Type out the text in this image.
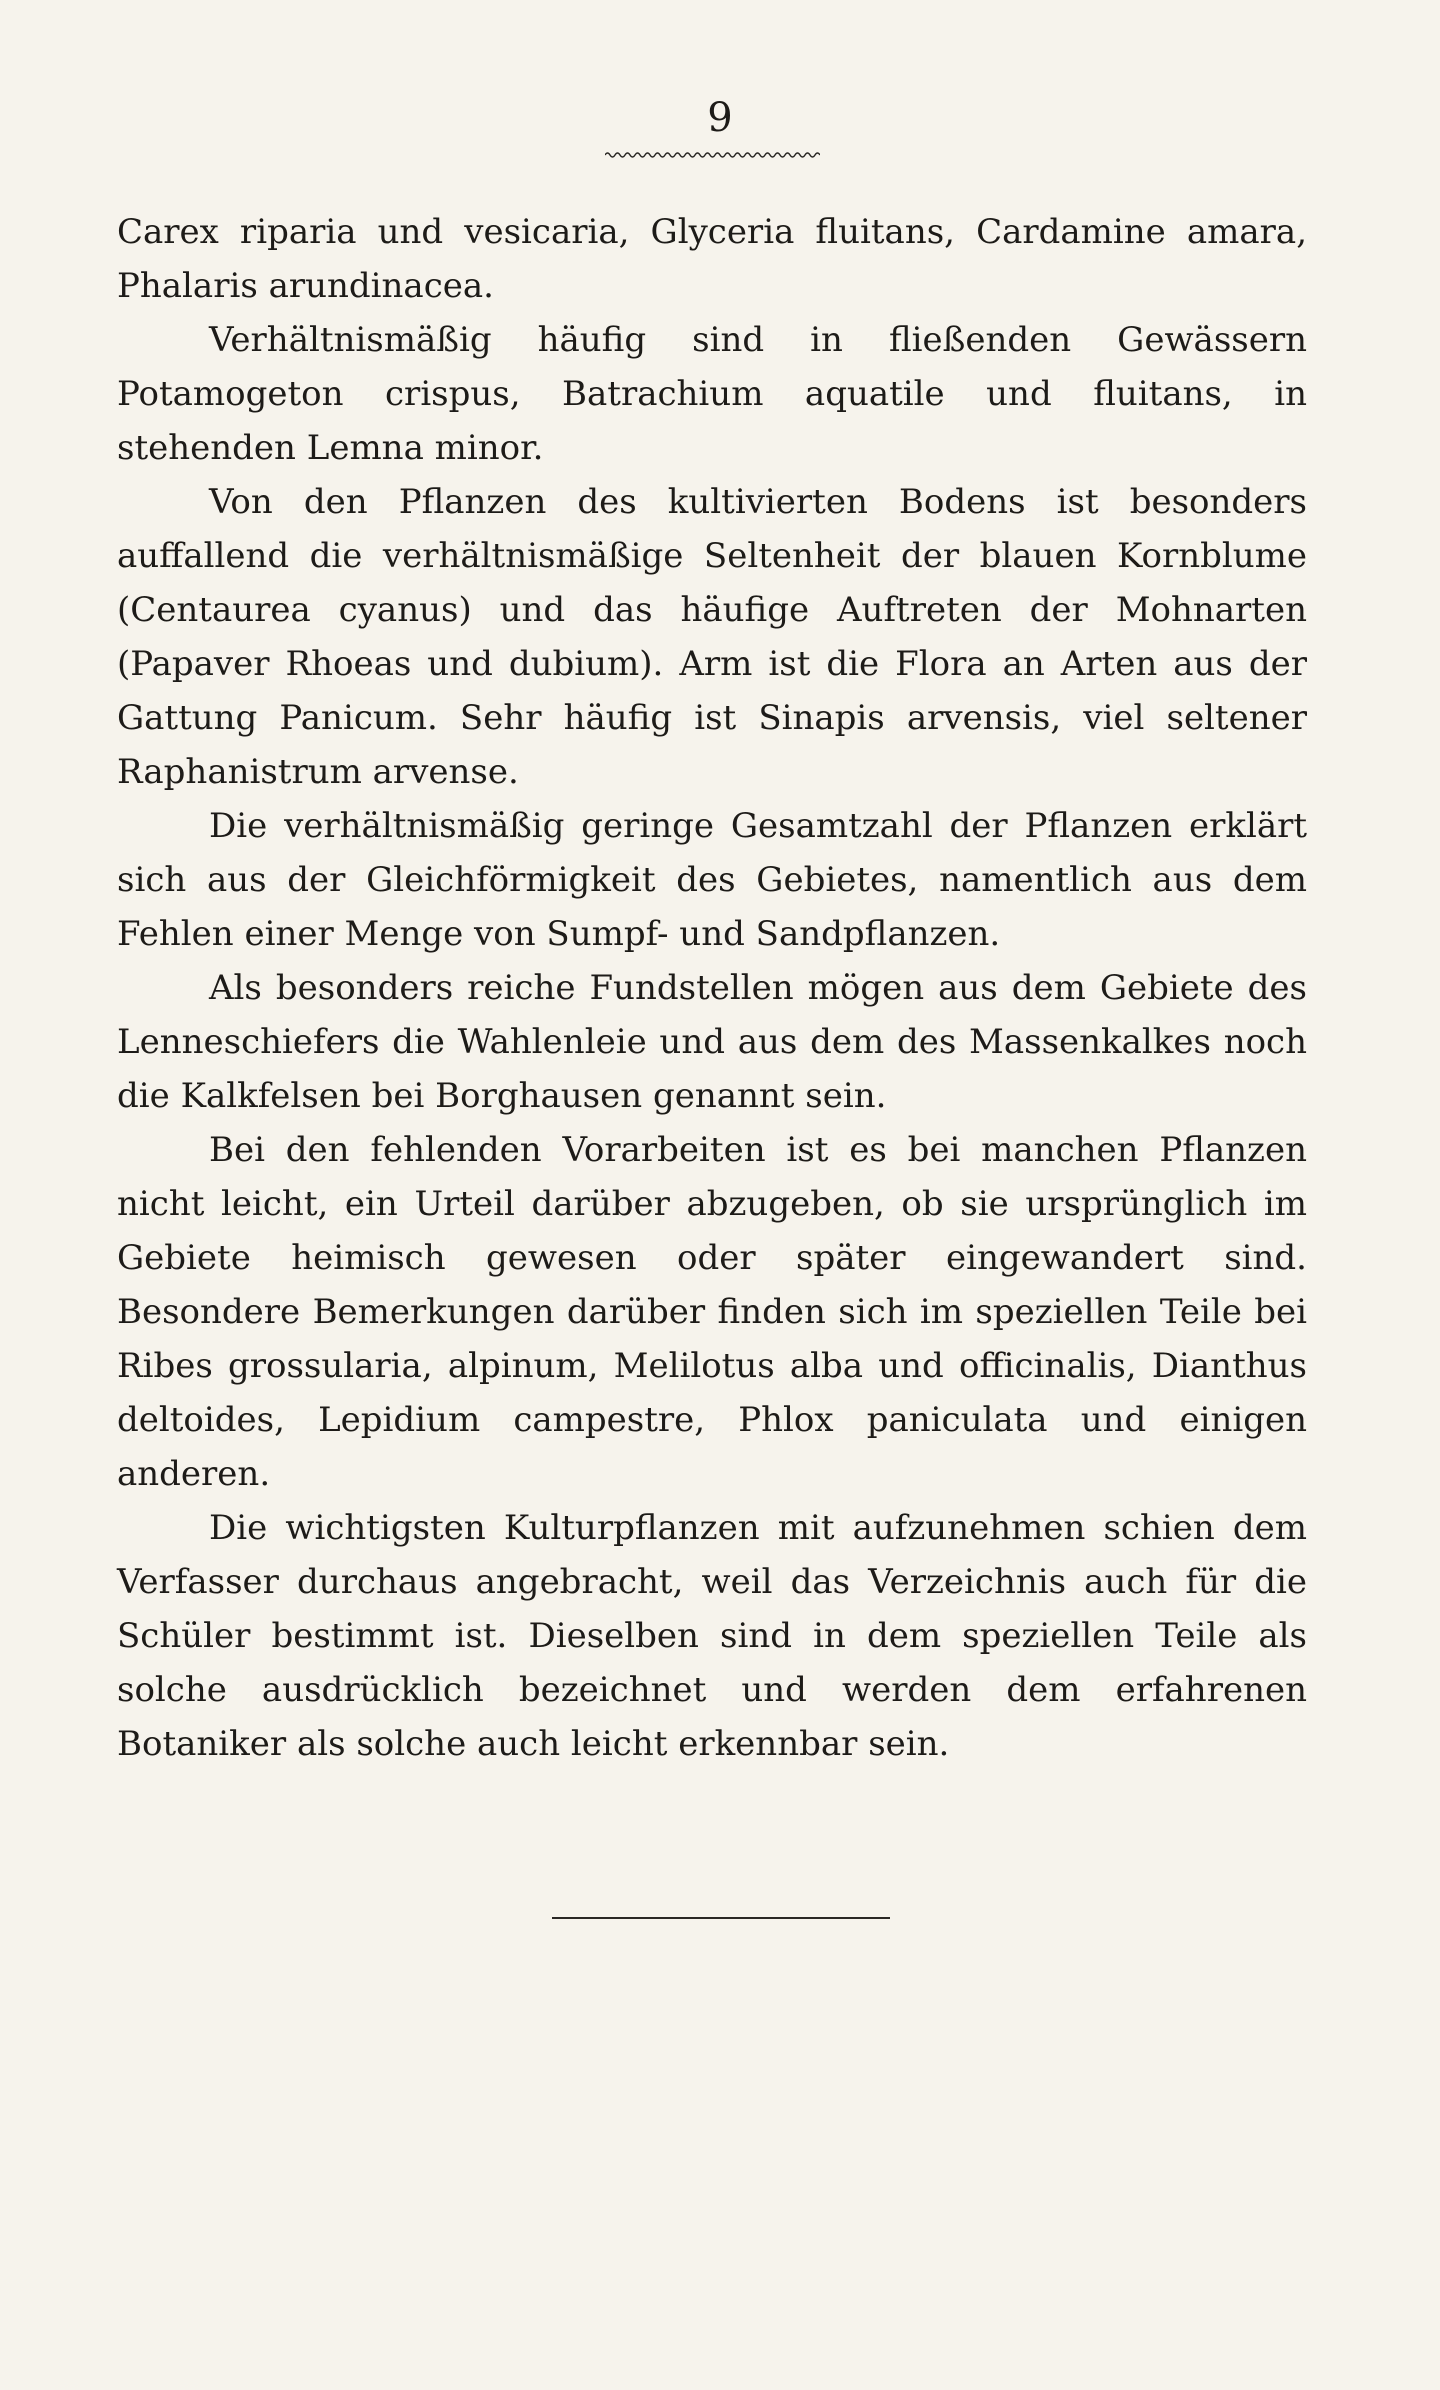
9

Carex riparia und vesicaria, Glyceria fluitans, Cardamine amara, Phalaris arundinacea.

Verhältnismäßig häufig sind in fließenden Gewässern Potamogeton crispus, Batrachium aquatile und fluitans, in stehenden Lemna minor.

Von den Pflanzen des kultivierten Bodens ist besonders auffallend die verhältnismäßige Seltenheit der blauen Kornblume (Centaurea cyanus) und das häufige Auftreten der Mohnarten (Papaver Rhoeas und dubium). Arm ist die Flora an Arten aus der Gattung Panicum. Sehr häufig ist Sinapis arvensis, viel seltener Raphanistrum arvense.

Die verhältnismäßig geringe Gesamtzahl der Pflanzen erklärt sich aus der Gleichförmigkeit des Gebietes, namentlich aus dem Fehlen einer Menge von Sumpf- und Sandpflanzen.

Als besonders reiche Fundstellen mögen aus dem Gebiete des Lenneschiefers die Wahlenleie und aus dem des Massenkalkes noch die Kalkfelsen bei Borghausen genannt sein.

Bei den fehlenden Vorarbeiten ist es bei manchen Pflanzen nicht leicht, ein Urteil darüber abzugeben, ob sie ursprünglich im Gebiete heimisch gewesen oder später eingewandert sind. Besondere Bemerkungen darüber finden sich im speziellen Teile bei Ribes grossularia, alpinum, Melilotus alba und officinalis, Dianthus deltoides, Lepidium campestre, Phlox paniculata und einigen anderen.

Die wichtigsten Kulturpflanzen mit aufzunehmen schien dem Verfasser durchaus angebracht, weil das Verzeichnis auch für die Schüler bestimmt ist. Dieselben sind in dem speziellen Teile als solche ausdrücklich bezeichnet und werden dem erfahrenen Botaniker als solche auch leicht erkennbar sein.
